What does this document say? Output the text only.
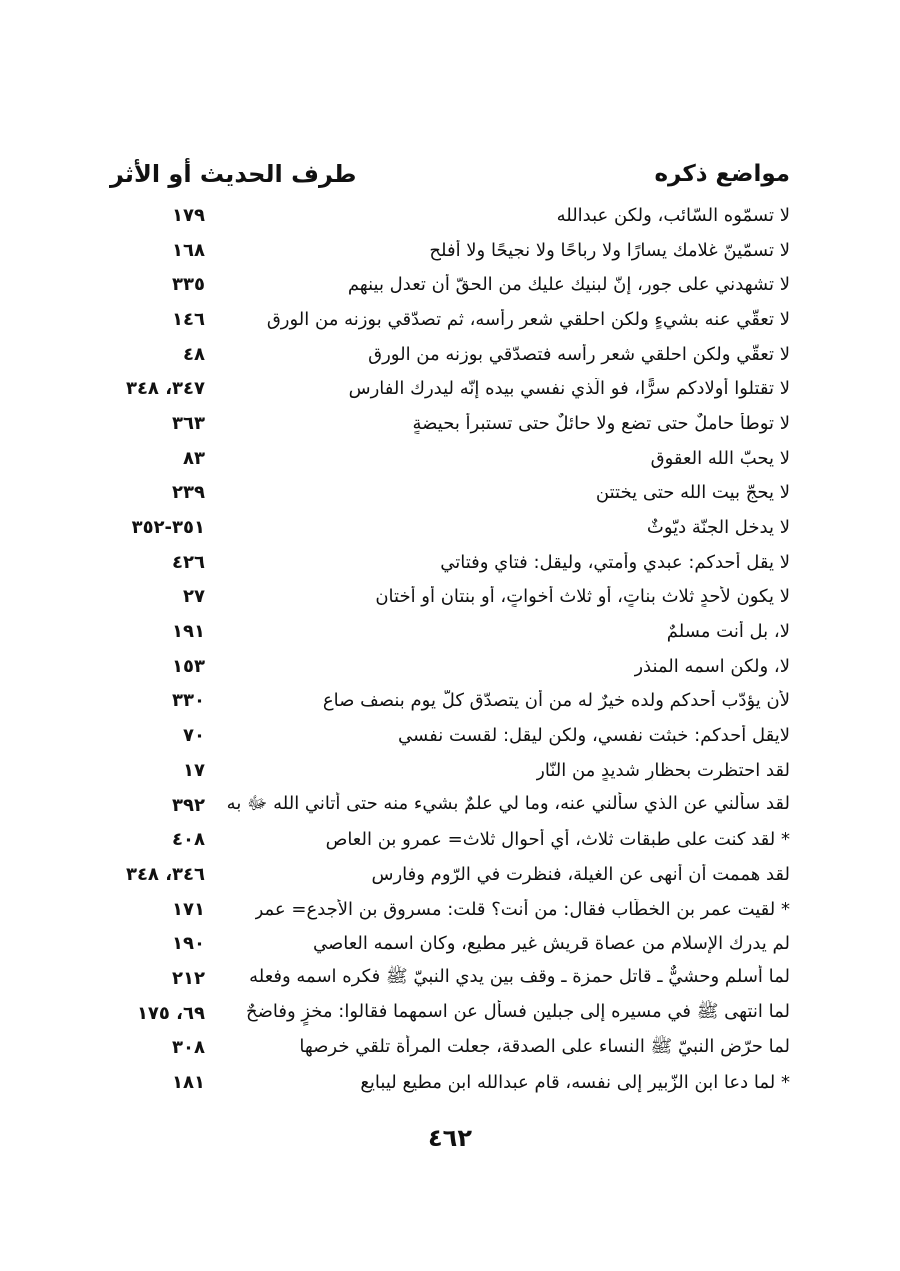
طرف الحديث أو الأثر	مواضع ذكره
لا تسمّوه السّائب، ولكن عبدالله
١٧٩
لا تسمّينّ غلامك يسارًا ولا رباحًا ولا نجيحًا ولا أفلح
١٦٨
لا تشهدني على جورٍ، إنّ لبنيك عليك من الحقّ أن تعدل بينهم
٣٣٥
لا تعقّي عنه بشيءٍ ولكن احلقي شعر رأسه، ثم تصدّقي بوزنه من الورق
١٤٦
لا تعقّي ولكن احلقي شعر رأسه فتصدّقي بوزنه من الورق
٤٨
لا تقتلوا أولادكم سرًّا، فو الّذي نفسي بيده إنّه ليدرك الفارس
٣٤٧، ٣٤٨
لا توطأ حاملٌ حتى تضع ولا حائلٌ حتى تستبرأ بحيضةٍ
٣٦٣
لا يحبّ الله العقوق
٨٣
لا يحجّ بيت الله حتى يختتن
٢٣٩
لا يدخل الجنّة ديّوثٌ
٣٥١-٣٥٢
لا يقل أحدكم: عبدي وأمتي، وليقل: فتاي وفتاتي
٤٢٦
لا يكون لأحدٍ ثلاث بناتٍ، أو ثلاث أخواتٍ، أو بنتان أو أختان
٢٧
لا، بل أنت مسلمٌ
١٩١
لا، ولكن اسمه المنذر
١٥٣
لأن يؤدّب أحدكم ولده خيرٌ له من أن يتصدّق كلّ يوم بنصف صاعٍ
٣٣٠
لايقل أحدكم: خبثت نفسي، ولكن ليقل: لقست نفسي
٧٠
لقد احتظرت بحظارٍ شديدٍ من النّار
١٧
لقد سألني عن الذي سألني عنه، وما لي علمٌ بشيء منه حتى أتاني الله ﷻ به
٣٩٢
* لقد كنت على طبقات ثلاث، أي أحوال ثلاث= عمرو بن العاص
٤٠٨
لقد هممت أن أنهى عن الغيلة، فنظرت في الرّوم وفارس
٣٤٦، ٣٤٨
* لقيت عمر بن الخطّاب فقال: من أنت؟ قلت: مسروق بن الأجدع= عمر
١٧١
لم يدرك الإسلام من عصاة قريش غير مطيع، وكان اسمه العاصي
١٩٠
لما أسلم وحشيٌّ ـ قاتل حمزة ـ وقف بين يدي النبيّ ﷺ فكره اسمه وفعله
٢١٢
لما انتهى ﷺ في مسيره إلى جبلين فسأل عن اسمهما فقالوا: مخزٍ وفاضحٌ
٦٩، ١٧٥
لما حرّض النبيّ ﷺ النساء على الصدقة، جعلت المرأة تلقي خرصها
٣٠٨
* لما دعا ابن الزّبير إلى نفسه، قام عبدالله ابن مطيعٍ ليبايع
١٨١
٤٦٢
